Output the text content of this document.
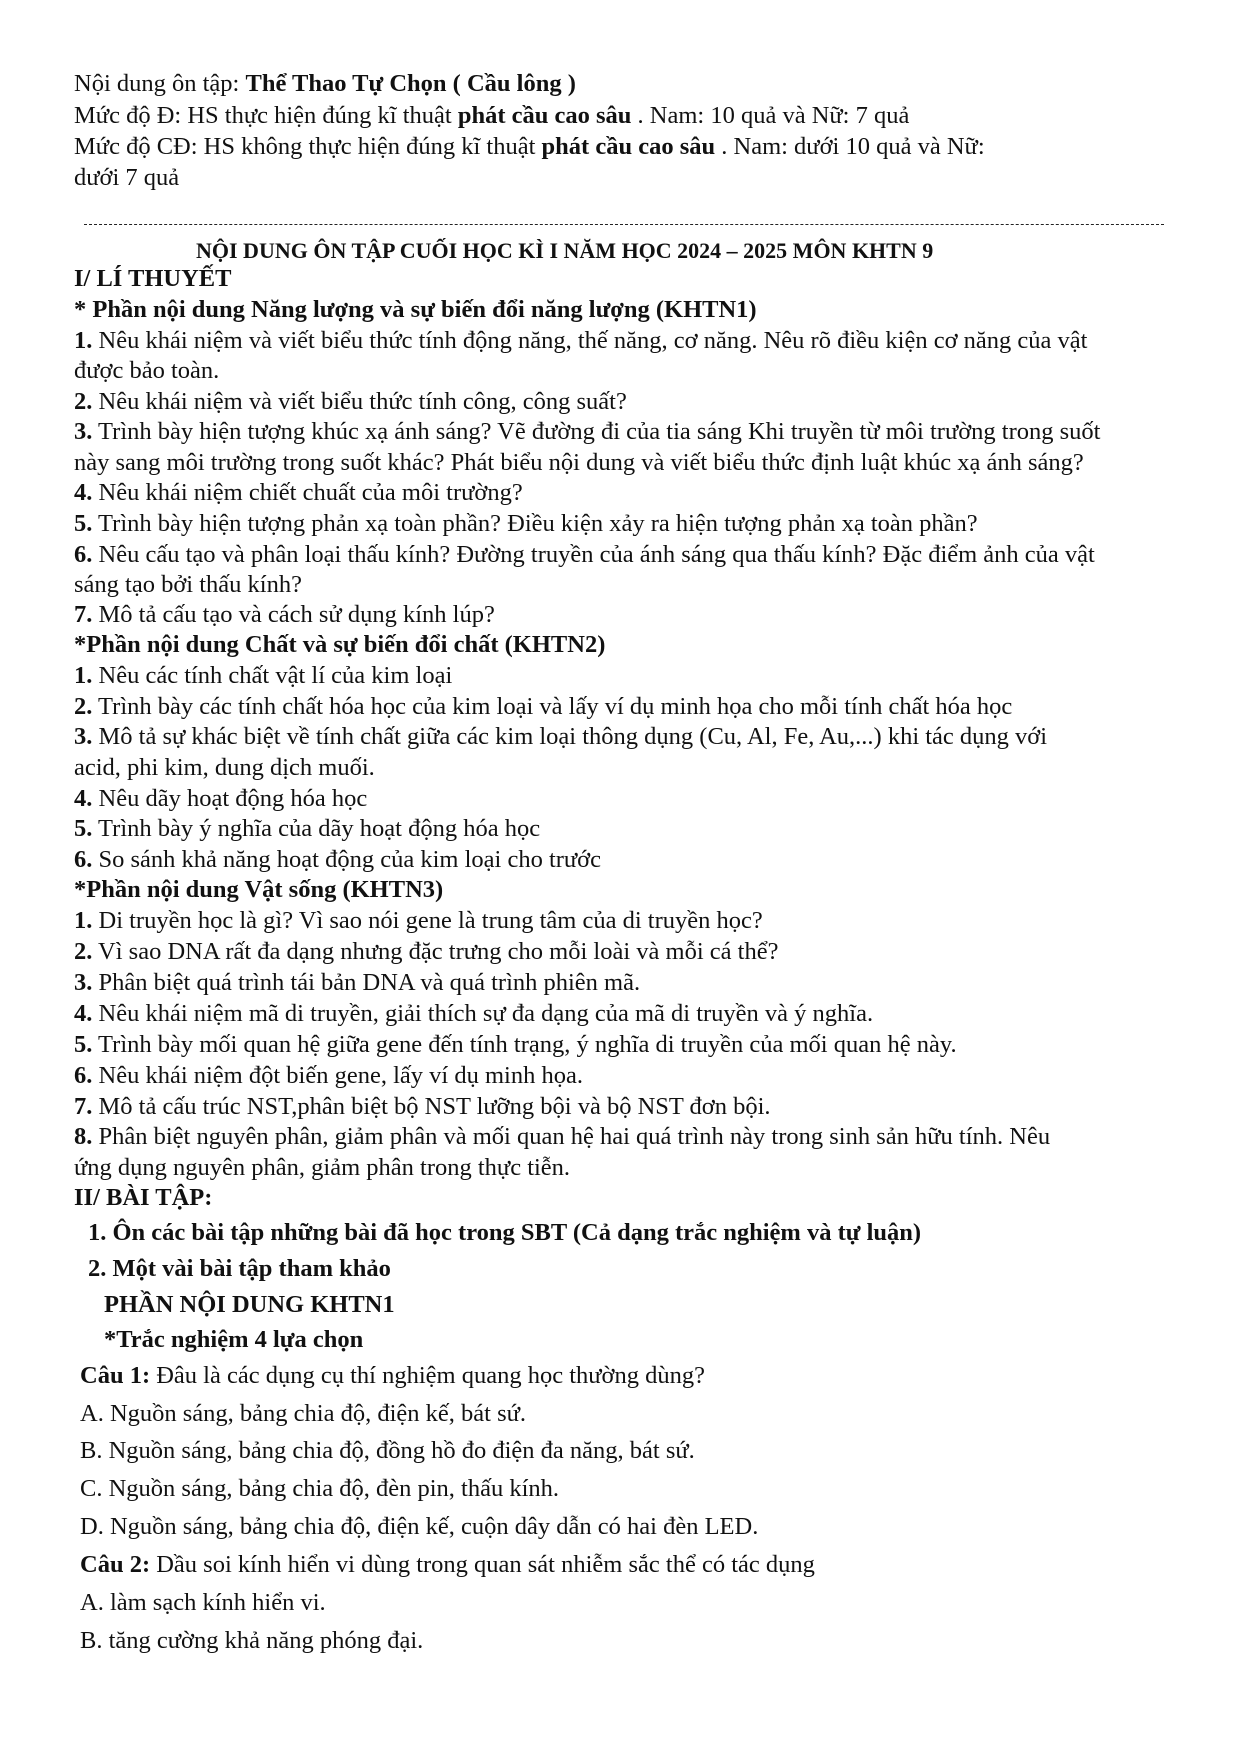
Nội dung ôn tập: Thể Thao Tự Chọn ( Cầu lông )
Mức độ Đ: HS thực hiện đúng kĩ thuật phát cầu cao sâu . Nam: 10 quả và Nữ: 7 quả
Mức độ CĐ: HS không thực hiện đúng kĩ thuật phát cầu cao sâu . Nam: dưới 10 quả và Nữ:
dưới 7 quả
NỘI DUNG ÔN TẬP CUỐI HỌC KÌ I NĂM HỌC 2024 – 2025 MÔN KHTN 9
I/ LÍ THUYẾT
* Phần nội dung Năng lượng và sự biến đổi năng lượng (KHTN1)
1. Nêu khái niệm và viết biểu thức tính động năng, thế năng, cơ năng. Nêu rõ điều kiện cơ năng của vật
được bảo toàn.
2. Nêu khái niệm và viết biểu thức tính công, công suất?
3. Trình bày hiện tượng khúc xạ ánh sáng? Vẽ đường đi của tia sáng Khi truyền từ môi trường trong suốt
này sang môi trường trong suốt khác? Phát biểu nội dung và viết biểu thức định luật khúc xạ ánh sáng?
4. Nêu khái niệm chiết chuất của môi trường?
5. Trình bày hiện tượng phản xạ toàn phần? Điều kiện xảy ra hiện tượng phản xạ toàn phần?
6. Nêu cấu tạo và phân loại thấu kính? Đường truyền của ánh sáng qua thấu kính? Đặc điểm ảnh của vật
sáng tạo bởi thấu kính?
7. Mô tả cấu tạo và cách sử dụng kính lúp?
*Phần nội dung Chất và sự biến đổi chất (KHTN2)
1. Nêu các tính chất vật lí của kim loại
2. Trình bày các tính chất hóa học của kim loại và lấy ví dụ minh họa cho mỗi tính chất hóa học
3. Mô tả sự khác biệt về tính chất giữa các kim loại thông dụng (Cu, Al, Fe, Au,...) khi tác dụng với
acid, phi kim, dung dịch muối.
4. Nêu dãy hoạt động hóa học
5. Trình bày ý nghĩa của dãy hoạt động hóa học
6. So sánh khả năng hoạt động của kim loại cho trước
*Phần nội dung Vật sống (KHTN3)
1. Di truyền học là gì? Vì sao nói gene là trung tâm của di truyền học?
2. Vì sao DNA rất đa dạng nhưng đặc trưng cho mỗi loài và mỗi cá thể?
3. Phân biệt quá trình tái bản DNA và quá trình phiên mã.
4. Nêu khái niệm mã di truyền, giải thích sự đa dạng của mã di truyền và ý nghĩa.
5. Trình bày mối quan hệ giữa gene đến tính trạng, ý nghĩa di truyền của mối quan hệ này.
6. Nêu khái niệm đột biến gene, lấy ví dụ minh họa.
7. Mô tả cấu trúc NST,phân biệt bộ NST lưỡng bội và bộ NST đơn bội.
8. Phân biệt nguyên phân, giảm phân và mối quan hệ hai quá trình này trong sinh sản hữu tính. Nêu
ứng dụng nguyên phân, giảm phân trong thực tiễn.
II/ BÀI TẬP:
1. Ôn các bài tập những bài đã học trong SBT (Cả dạng trắc nghiệm và tự luận)
2. Một vài bài tập tham khảo
PHẦN NỘI DUNG KHTN1
*Trắc nghiệm 4 lựa chọn
Câu 1: Đâu là các dụng cụ thí nghiệm quang học thường dùng?
A. Nguồn sáng, bảng chia độ, điện kế, bát sứ.
B. Nguồn sáng, bảng chia độ, đồng hồ đo điện đa năng, bát sứ.
C. Nguồn sáng, bảng chia độ, đèn pin, thấu kính.
D. Nguồn sáng, bảng chia độ, điện kế, cuộn dây dẫn có hai đèn LED.
Câu 2: Dầu soi kính hiển vi dùng trong quan sát nhiễm sắc thể có tác dụng
A. làm sạch kính hiển vi.
B. tăng cường khả năng phóng đại.
